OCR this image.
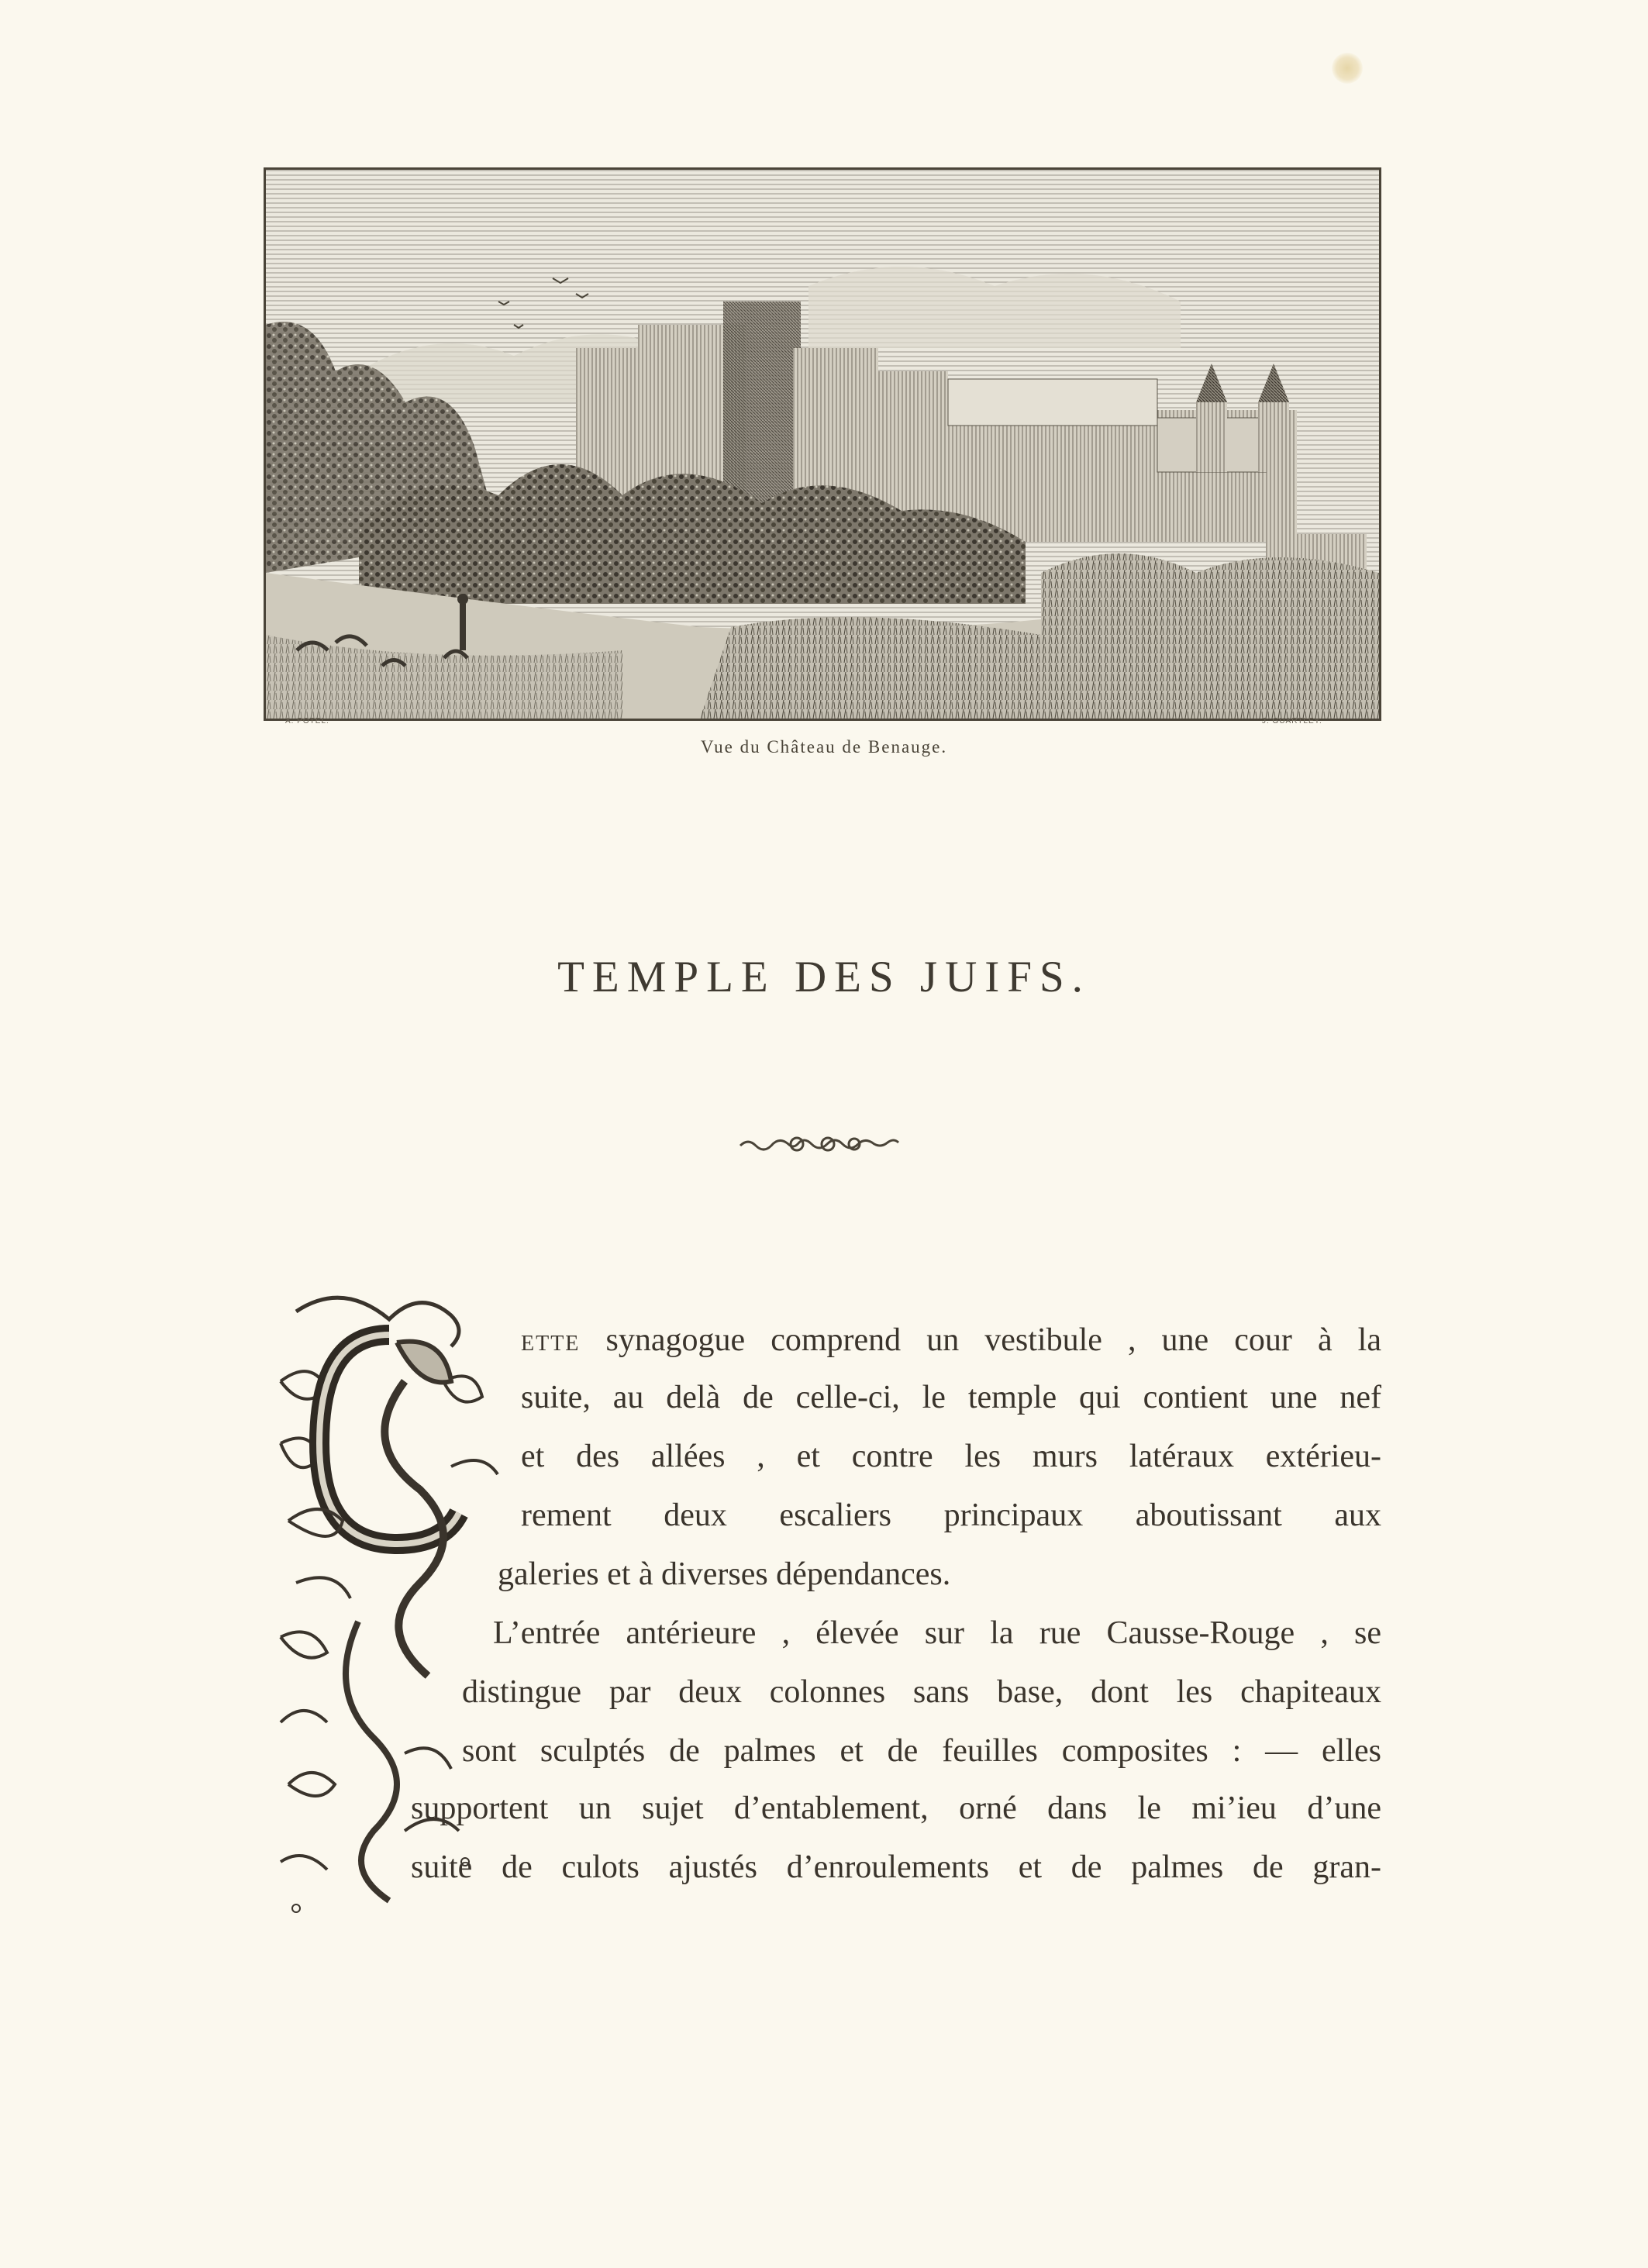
A. POTEL.	J. GUARTLEY.
Vue du Château de Benauge.
TEMPLE DES JUIFS.
ETTE synagogue comprend un vestibule , une cour à la
suite, au delà de celle-ci, le temple qui contient une nef
et des allées , et contre les murs latéraux extérieu-
rement deux escaliers principaux aboutissant aux
galeries et à diverses dépendances.
L’entrée antérieure , élevée sur la rue Causse-Rouge , se
distingue par deux colonnes sans base, dont les chapiteaux
sont sculptés de palmes et de feuilles composites : — elles
supportent un sujet d’entablement, orné dans le mi’ieu d’une
suite de culots ajustés d’enroulements et de palmes de gran-
